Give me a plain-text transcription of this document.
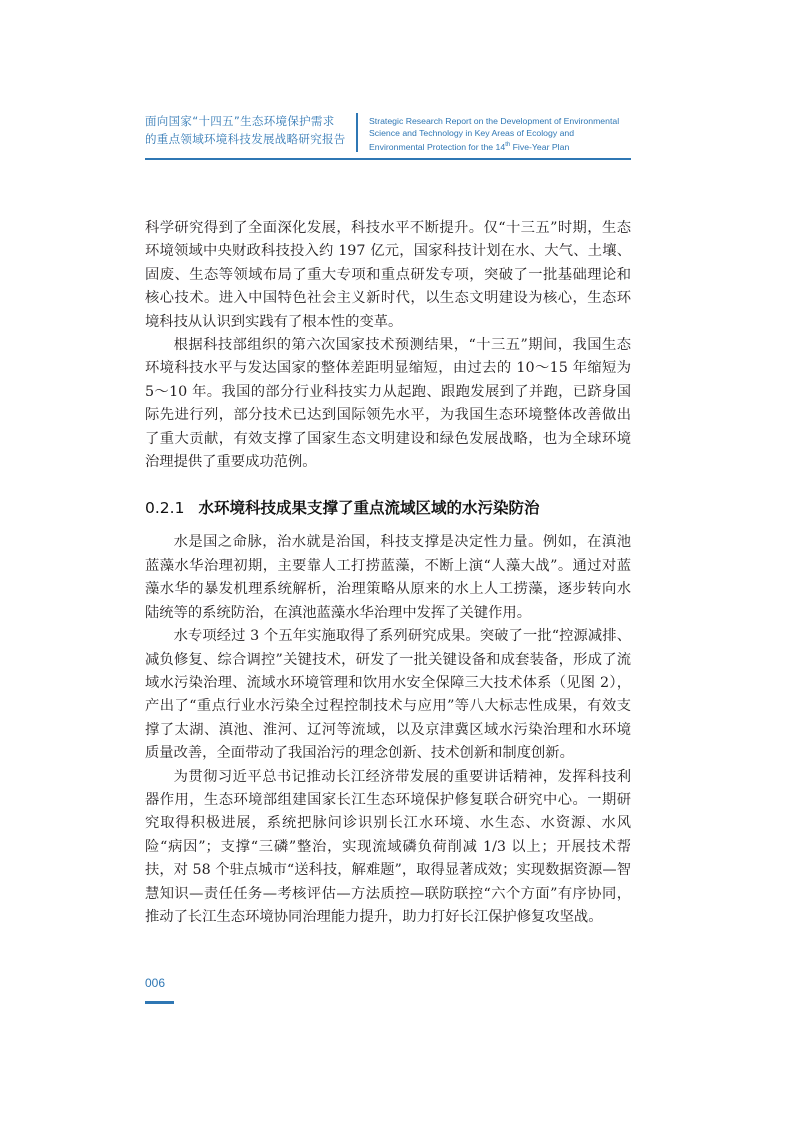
面向国家“十四五”生态环境保护需求
的重点领域环境科技发展战略研究报告
Strategic Research Report on the Development of Environmental
Science and Technology in Key Areas of Ecology and
Environmental Protection for the 14th Five-Year Plan

科学研究得到了全面深化发展，科技水平不断提升。仅“十三五”时期，生态环境领域中央财政科技投入约 197 亿元，国家科技计划在水、大气、土壤、固废、生态等领域布局了重大专项和重点研发专项，突破了一批基础理论和核心技术。进入中国特色社会主义新时代，以生态文明建设为核心，生态环境科技从认识到实践有了根本性的变革。

根据科技部组织的第六次国家技术预测结果，“十三五”期间，我国生态环境科技水平与发达国家的整体差距明显缩短，由过去的 10～15 年缩短为 5～10 年。我国的部分行业科技实力从起跑、跟跑发展到了并跑，已跻身国际先进行列，部分技术已达到国际领先水平，为我国生态环境整体改善做出了重大贡献，有效支撑了国家生态文明建设和绿色发展战略，也为全球环境治理提供了重要成功范例。

0.2.1 水环境科技成果支撑了重点流域区域的水污染防治

水是国之命脉，治水就是治国，科技支撑是决定性力量。例如，在滇池蓝藻水华治理初期，主要靠人工打捞蓝藻，不断上演“人藻大战”。通过对蓝藻水华的暴发机理系统解析，治理策略从原来的水上人工捞藻，逐步转向水陆统等的系统防治，在滇池蓝藻水华治理中发挥了关键作用。

水专项经过 3 个五年实施取得了系列研究成果。突破了一批“控源减排、减负修复、综合调控”关键技术，研发了一批关键设备和成套装备，形成了流域水污染治理、流域水环境管理和饮用水安全保障三大技术体系（见图 2），产出了“重点行业水污染全过程控制技术与应用”等八大标志性成果，有效支撑了太湖、滇池、淮河、辽河等流域，以及京津冀区域水污染治理和水环境质量改善，全面带动了我国治污的理念创新、技术创新和制度创新。

为贯彻习近平总书记推动长江经济带发展的重要讲话精神，发挥科技利器作用，生态环境部组建国家长江生态环境保护修复联合研究中心。一期研究取得积极进展，系统把脉问诊识别长江水环境、水生态、水资源、水风险“病因”；支撑“三磷”整治，实现流域磷负荷削减 1/3 以上；开展技术帮扶，对 58 个驻点城市“送科技，解难题”，取得显著成效；实现数据资源—智慧知识—责任任务—考核评估—方法质控—联防联控“六个方面”有序协同，推动了长江生态环境协同治理能力提升，助力打好长江保护修复攻坚战。

006
